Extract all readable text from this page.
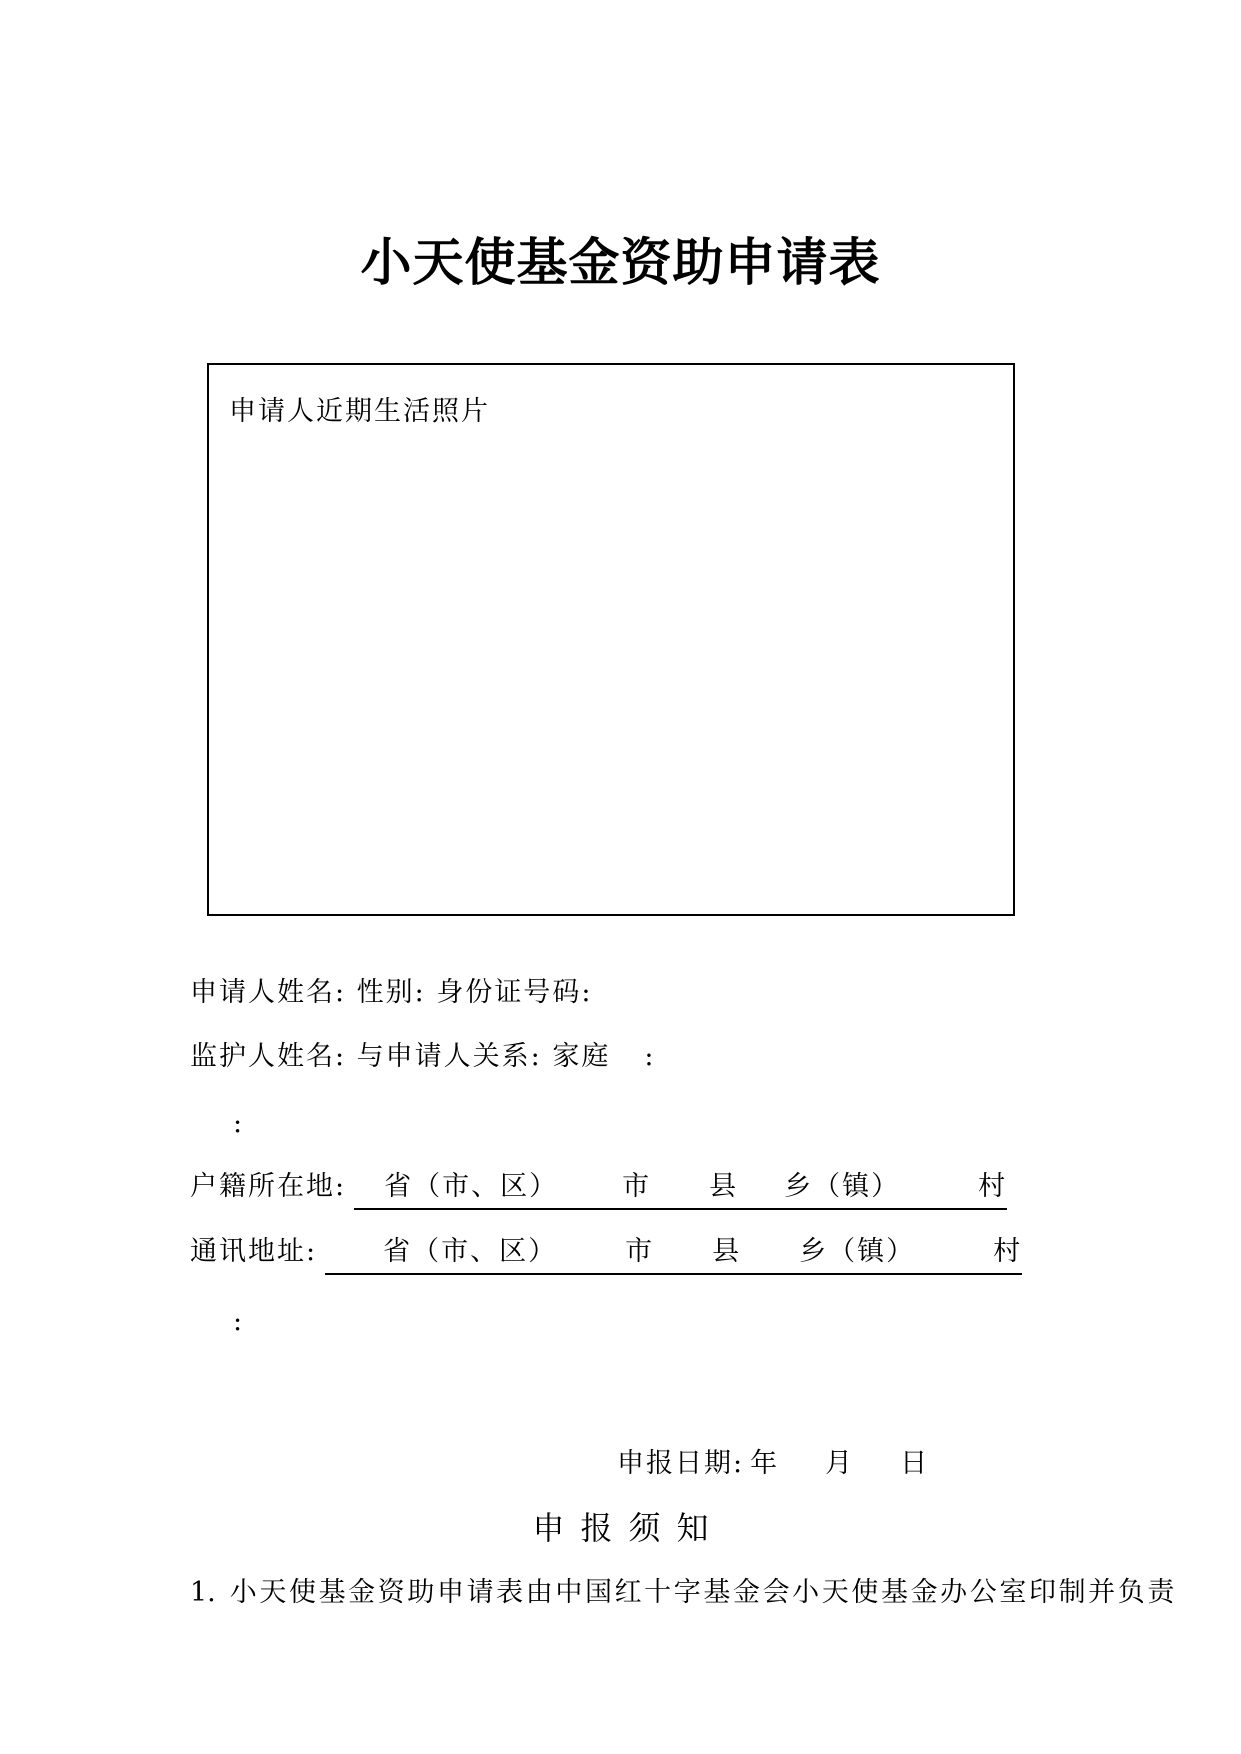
小天使基金资助申请表
申请人近期生活照片
申请人姓名: 性别: 身份证号码:
监护人姓名: 与申请人关系: 家庭 :
:
户籍所在地: 省（市、区） 市 县 乡（镇）	村
通讯地址: 省（市、区）	市 县 乡（镇）	村
:
申报日期: 年 月 日
申报须知
1. 小天使基金资助申请表由中国红十字基金会小天使基金办公室印制并负责
